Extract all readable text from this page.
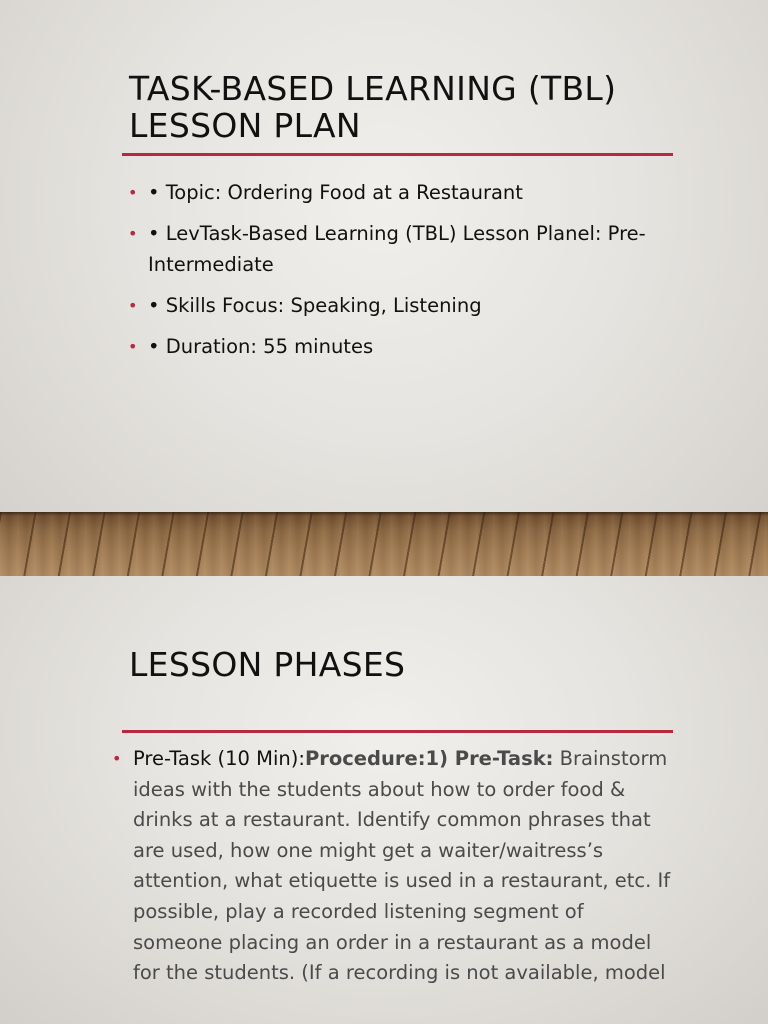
TASK-BASED LEARNING (TBL) LESSON PLAN
• • Topic: Ordering Food at a Restaurant
• • LevTask-Based Learning (TBL) Lesson Planel: Pre-Intermediate
• • Skills Focus: Speaking, Listening
• • Duration: 55 minutes
LESSON PHASES
• Pre-Task (10 Min):Procedure:1) Pre-Task: Brainstorm ideas with the students about how to order food & drinks at a restaurant. Identify common phrases that are used, how one might get a waiter/waitress’s attention, what etiquette is used in a restaurant, etc. If possible, play a recorded listening segment of someone placing an order in a restaurant as a model for the students. (If a recording is not available, model
